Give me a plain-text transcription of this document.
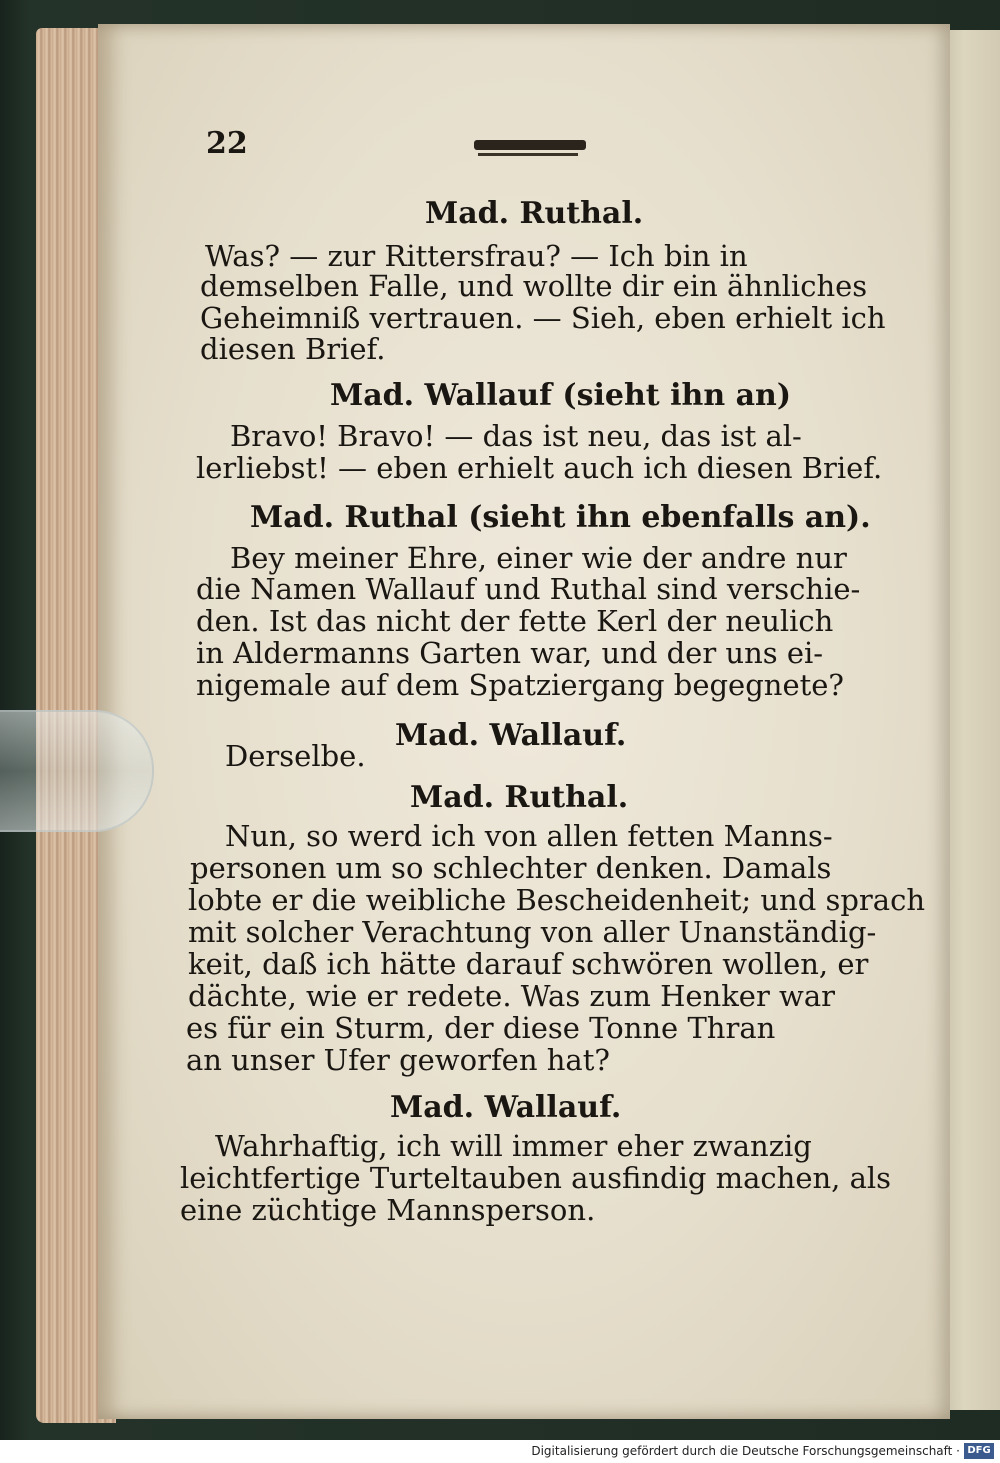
22
Mad. Ruthal.
Was? — zur Rittersfrau? — Ich bin in
demselben Falle, und wollte dir ein ähnliches
Geheimniß vertrauen. — Sieh, eben erhielt ich
diesen Brief.
Mad. Wallauf (sieht ihn an)
Bravo! Bravo! — das ist neu, das ist al-
lerliebst! — eben erhielt auch ich diesen Brief.
Mad. Ruthal (sieht ihn ebenfalls an).
Bey meiner Ehre, einer wie der andre nur
die Namen Wallauf und Ruthal sind verschie-
den. Ist das nicht der fette Kerl der neulich
in Aldermanns Garten war, und der uns ei-
nigemale auf dem Spatziergang begegnete?
Mad. Wallauf.
Derselbe.
Mad. Ruthal.
Nun, so werd ich von allen fetten Manns-
personen um so schlechter denken. Damals
lobte er die weibliche Bescheidenheit; und sprach
mit solcher Verachtung von aller Unanständig-
keit, daß ich hätte darauf schwören wollen, er
dächte, wie er redete. Was zum Henker war
es für ein Sturm, der diese Tonne Thran
an unser Ufer geworfen hat?
Mad. Wallauf.
Wahrhaftig, ich will immer eher zwanzig
leichtfertige Turteltauben ausfindig machen, als
eine züchtige Mannsperson.
Digitalisierung gefördert durch die Deutsche Forschungsgemeinschaft · DFG
